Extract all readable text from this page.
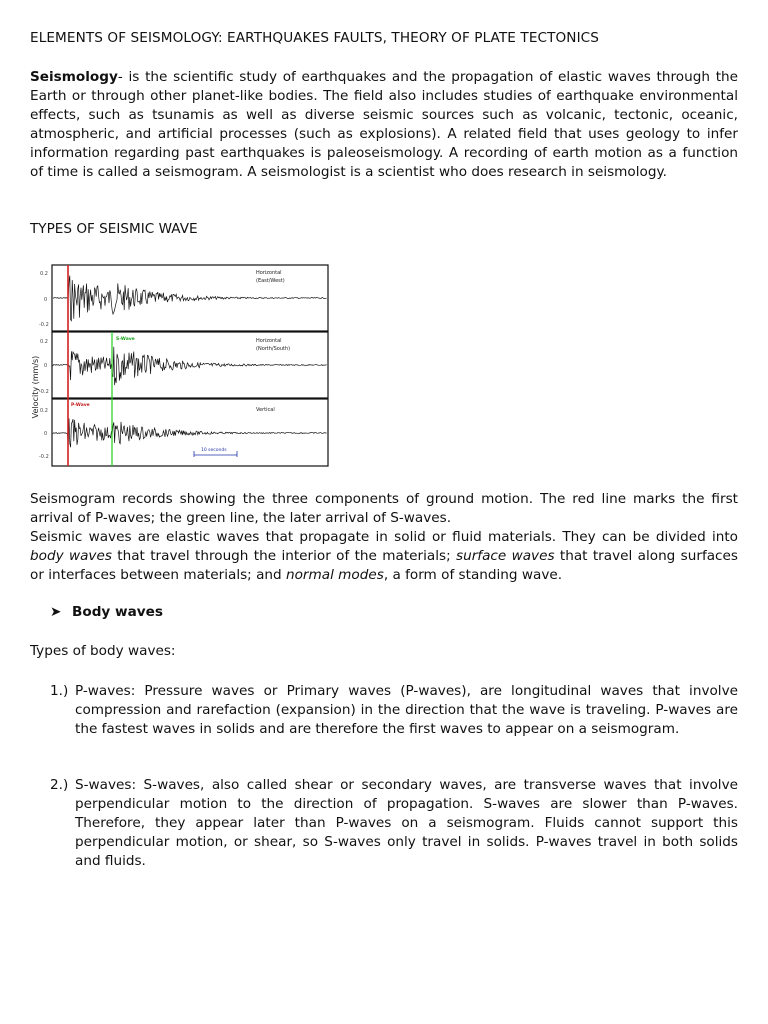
ELEMENTS OF SEISMOLOGY: EARTHQUAKES FAULTS, THEORY OF PLATE TECTONICS
Seismology- is the scientific study of earthquakes and the propagation of elastic waves through the Earth or through other planet-like bodies. The field also includes studies of earthquake environmental effects, such as tsunamis as well as diverse seismic sources such as volcanic, tectonic, oceanic, atmospheric, and artificial processes (such as explosions). A related field that uses geology to infer information regarding past earthquakes is paleoseismology. A recording of earth motion as a function of time is called a seismogram. A seismologist is a scientist who does research in seismology.
TYPES OF SEISMIC WAVE
Velocity (mm/s)
0.2
0
-0.2
0.2
0
-0.2
0.2
0
-0.2
Horizontal
(East/West)
Horizontal
(North/South)
Vertical
S-Wave
P-Wave
10 seconds
Seismogram records showing the three components of ground motion. The red line marks the first arrival of P-waves; the green line, the later arrival of S-waves.
Seismic waves are elastic waves that propagate in solid or fluid materials. They can be divided into body waves that travel through the interior of the materials; surface waves that travel along surfaces or interfaces between materials; and normal modes, a form of standing wave.
➤ Body waves
Types of body waves:
1.) P-waves: Pressure waves or Primary waves (P-waves), are longitudinal waves that involve compression and rarefaction (expansion) in the direction that the wave is traveling. P-waves are the fastest waves in solids and are therefore the first waves to appear on a seismogram.
2.) S-waves: S-waves, also called shear or secondary waves, are transverse waves that involve perpendicular motion to the direction of propagation. S-waves are slower than P-waves. Therefore, they appear later than P-waves on a seismogram. Fluids cannot support this perpendicular motion, or shear, so S-waves only travel in solids. P-waves travel in both solids and fluids.
